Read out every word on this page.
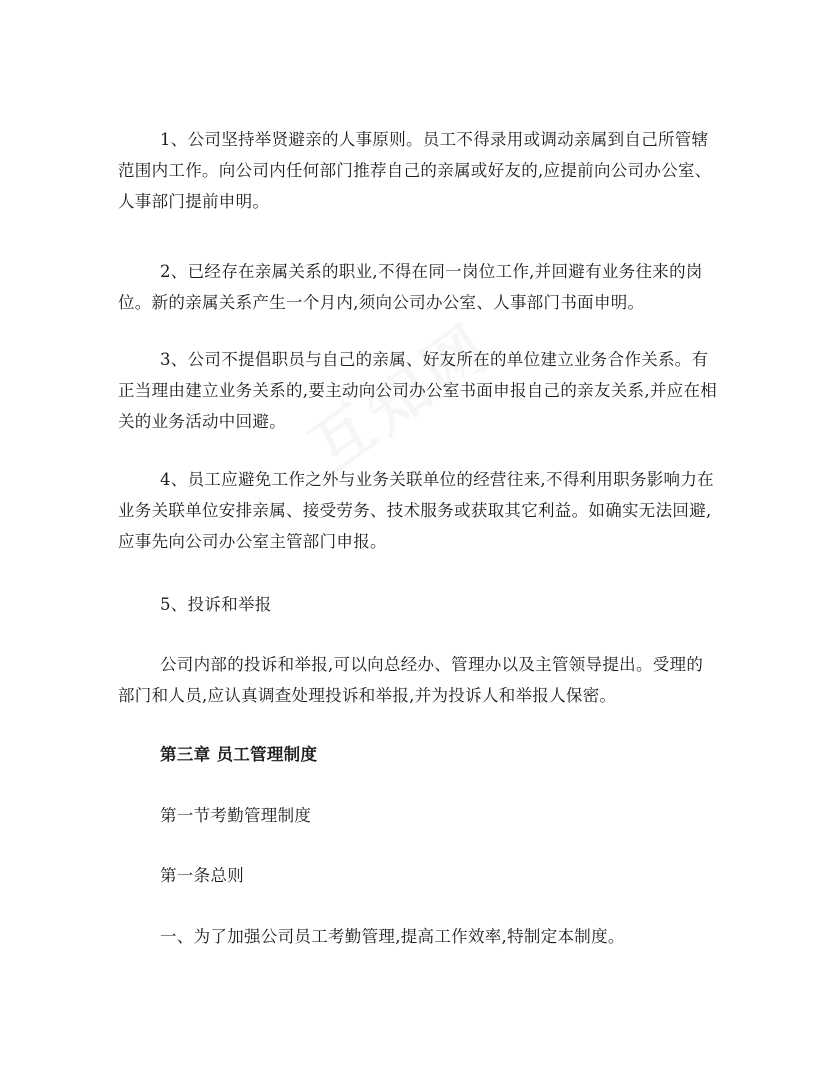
1、公司坚持举贤避亲的人事原则。员工不得录用或调动亲属到自己所管辖范围内工作。向公司内任何部门推荐自己的亲属或好友的,应提前向公司办公室、人事部门提前申明。

2、已经存在亲属关系的职业,不得在同一岗位工作,并回避有业务往来的岗位。新的亲属关系产生一个月内,须向公司办公室、人事部门书面申明。

3、公司不提倡职员与自己的亲属、好友所在的单位建立业务合作关系。有正当理由建立业务关系的,要主动向公司办公室书面申报自己的亲友关系,并应在相关的业务活动中回避。

4、员工应避免工作之外与业务关联单位的经营往来,不得利用职务影响力在业务关联单位安排亲属、接受劳务、技术服务或获取其它利益。如确实无法回避,应事先向公司办公室主管部门申报。

5、投诉和举报

公司内部的投诉和举报,可以向总经办、管理办以及主管领导提出。受理的部门和人员,应认真调查处理投诉和举报,并为投诉人和举报人保密。

第三章 员工管理制度

第一节考勤管理制度

第一条总则

一、为了加强公司员工考勤管理,提高工作效率,特制定本制度。
